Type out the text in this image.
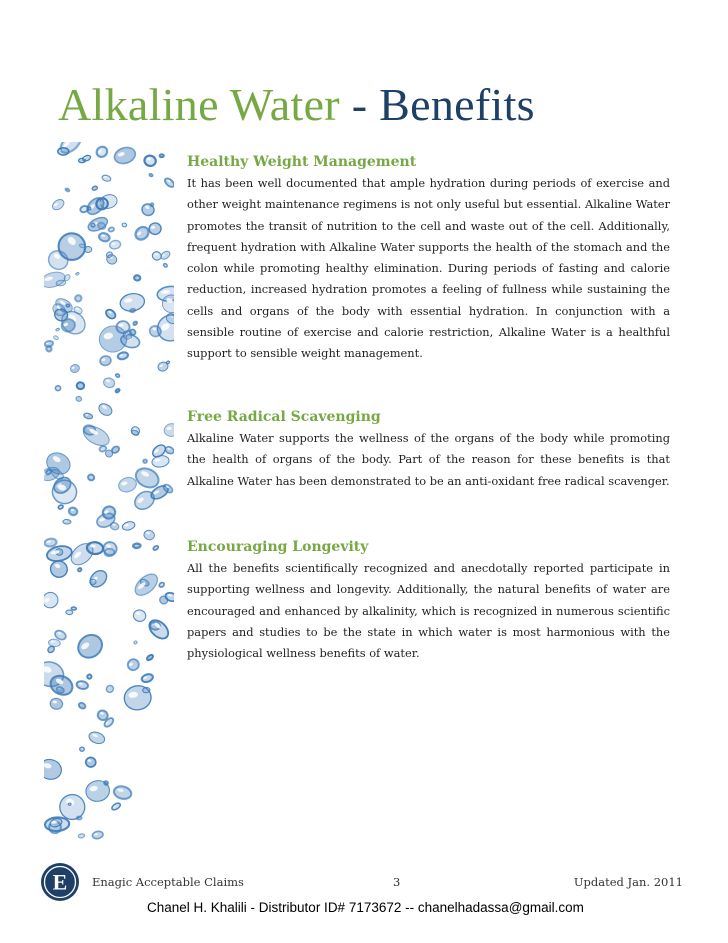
Alkaline Water - Benefits
Healthy Weight Management

It has been well documented that ample hydration during periods of exercise and other weight maintenance regimens is not only useful but essential. Alkaline Water promotes the transit of nutrition to the cell and waste out of the cell. Additionally, frequent hydration with Alkaline Water supports the health of the stomach and the colon while promoting healthy elimination. During periods of fasting and calorie reduction, increased hydration promotes a feeling of fullness while sustaining the cells and organs of the body with essential hydration. In conjunction with a sensible routine of exercise and calorie restriction, Alkaline Water is a healthful support to sensible weight management.

Free Radical Scavenging

Alkaline Water supports the wellness of the organs of the body while promoting the health of organs of the body. Part of the reason for these benefits is that Alkaline Water has been demonstrated to be an anti-oxidant free radical scavenger.

Encouraging Longevity

All the benefits scientifically recognized and anecdotally reported participate in supporting wellness and longevity. Additionally, the natural benefits of water are encouraged and enhanced by alkalinity, which is recognized in numerous scientific papers and studies to be the state in which water is most harmonious with the physiological wellness benefits of water.

E Enagic Acceptable Claims	3	Updated Jan. 2011
Chanel H. Khalili - Distributor ID# 7173672 -- chanelhadassa@gmail.com
